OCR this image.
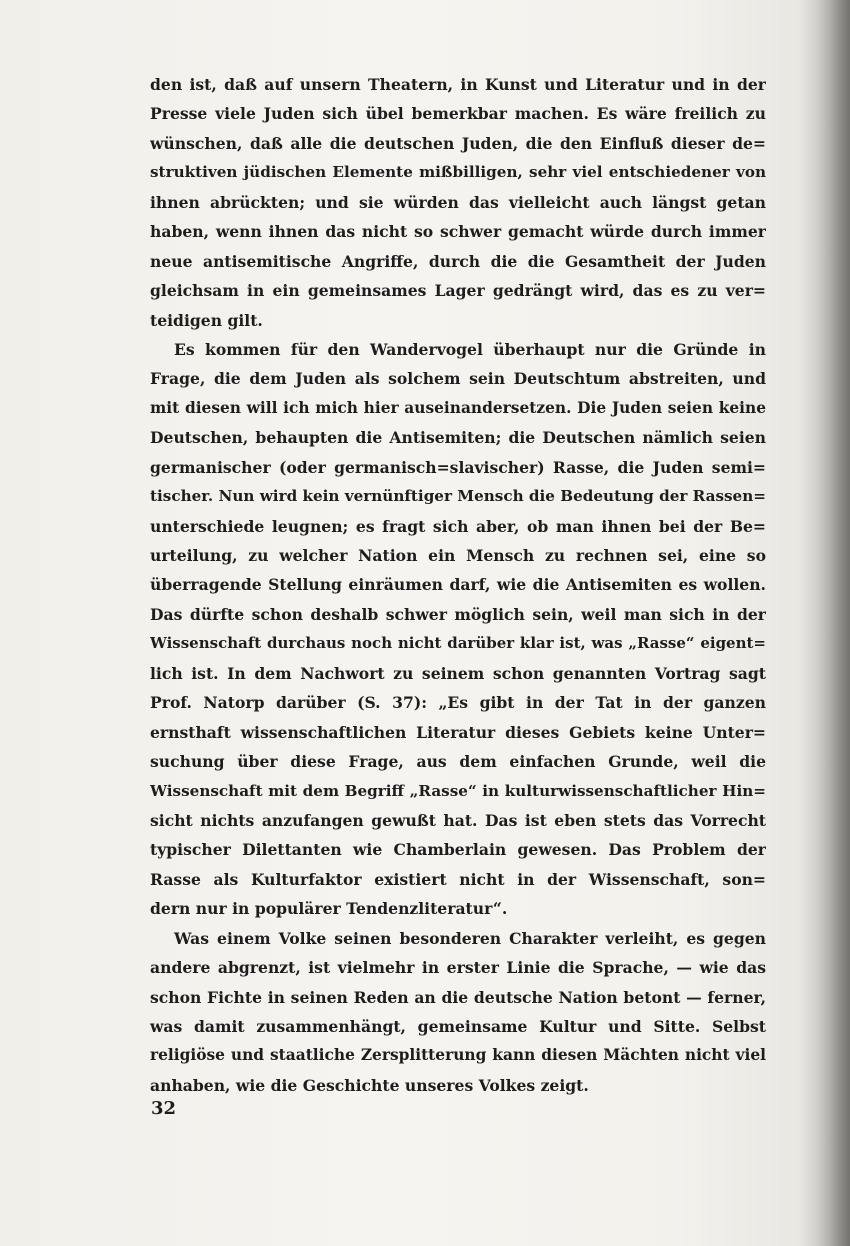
den ist, daß auf unsern Theatern, in Kunst und Literatur und in der
Presse viele Juden sich übel bemerkbar machen. Es wäre freilich zu
wünschen, daß alle die deutschen Juden, die den Einfluß dieser de=
struktiven jüdischen Elemente mißbilligen, sehr viel entschiedener von
ihnen abrückten; und sie würden das vielleicht auch längst getan
haben, wenn ihnen das nicht so schwer gemacht würde durch immer
neue antisemitische Angriffe, durch die die Gesamtheit der Juden
gleichsam in ein gemeinsames Lager gedrängt wird, das es zu ver=
teidigen gilt.
Es kommen für den Wandervogel überhaupt nur die Gründe in
Frage, die dem Juden als solchem sein Deutschtum abstreiten, und
mit diesen will ich mich hier auseinandersetzen. Die Juden seien keine
Deutschen, behaupten die Antisemiten; die Deutschen nämlich seien
germanischer (oder germanisch=slavischer) Rasse, die Juden semi=
tischer. Nun wird kein vernünftiger Mensch die Bedeutung der Rassen=
unterschiede leugnen; es fragt sich aber, ob man ihnen bei der Be=
urteilung, zu welcher Nation ein Mensch zu rechnen sei, eine so
überragende Stellung einräumen darf, wie die Antisemiten es wollen.
Das dürfte schon deshalb schwer möglich sein, weil man sich in der
Wissenschaft durchaus noch nicht darüber klar ist, was „Rasse“ eigent=
lich ist. In dem Nachwort zu seinem schon genannten Vortrag sagt
Prof. Natorp darüber (S. 37): „Es gibt in der Tat in der ganzen
ernsthaft wissenschaftlichen Literatur dieses Gebiets keine Unter=
suchung über diese Frage, aus dem einfachen Grunde, weil die
Wissenschaft mit dem Begriff „Rasse“ in kulturwissenschaftlicher Hin=
sicht nichts anzufangen gewußt hat. Das ist eben stets das Vorrecht
typischer Dilettanten wie Chamberlain gewesen. Das Problem der
Rasse als Kulturfaktor existiert nicht in der Wissenschaft, son=
dern nur in populärer Tendenzliteratur“.
Was einem Volke seinen besonderen Charakter verleiht, es gegen
andere abgrenzt, ist vielmehr in erster Linie die Sprache, — wie das
schon Fichte in seinen Reden an die deutsche Nation betont — ferner,
was damit zusammenhängt, gemeinsame Kultur und Sitte. Selbst
religiöse und staatliche Zersplitterung kann diesen Mächten nicht viel
anhaben, wie die Geschichte unseres Volkes zeigt.
32
